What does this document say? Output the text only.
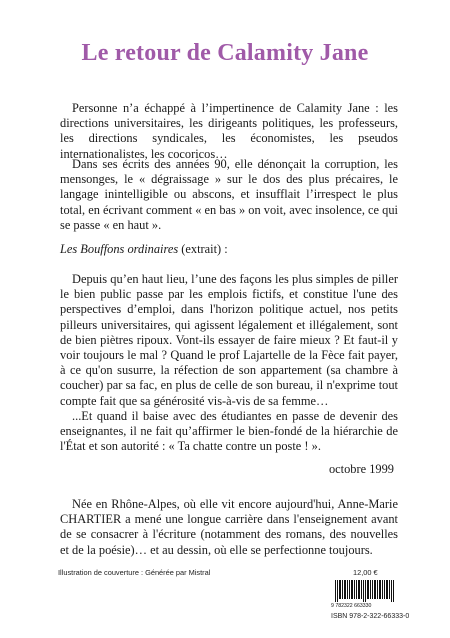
Le retour de Calamity Jane

Personne n’a échappé à l’impertinence de Calamity Jane : les directions universitaires, les dirigeants politiques, les professeurs, les directions syndicales, les économistes, les pseudos internationalistes, les cocoricos…

Dans ses écrits des années 90, elle dénonçait la corruption, les mensonges, le « dégraissage » sur le dos des plus précaires, le langage inintelligible ou abscons, et insufflait l’irrespect le plus total, en écrivant comment « en bas » on voit, avec insolence, ce qui se passe « en haut ».

Les Bouffons ordinaires (extrait) :

Depuis qu’en haut lieu, l’une des façons les plus simples de piller le bien public passe par les emplois fictifs, et constitue l'une des perspectives d’emploi, dans l'horizon politique actuel, nos petits pilleurs universitaires, qui agissent légalement et illégalement, sont de bien piètres ripoux. Vont-ils essayer de faire mieux ? Et faut-il y voir toujours le mal ? Quand le prof Lajartelle de la Fèce fait payer, à ce qu'on susurre, la réfection de son appartement (sa chambre à coucher) par sa fac, en plus de celle de son bureau, il n'exprime tout compte fait que sa générosité vis-à-vis de sa femme…

...Et quand il baise avec des étudiantes en passe de devenir des enseignantes, il ne fait qu’affirmer le bien-fondé de la hiérarchie de l'État et son autorité : « Ta chatte contre un poste ! ».

octobre 1999

Née en Rhône-Alpes, où elle vit encore aujourd'hui, Anne-Marie CHARTIER a mené une longue carrière dans l'enseignement avant de se consacrer à l'écriture (notamment des romans, des nouvelles et de la poésie)… et au dessin, où elle se perfectionne toujours.

Illustration de couverture : Générée par Mistral	12,00 €
9 782322 663330
ISBN 978-2-322-66333-0
